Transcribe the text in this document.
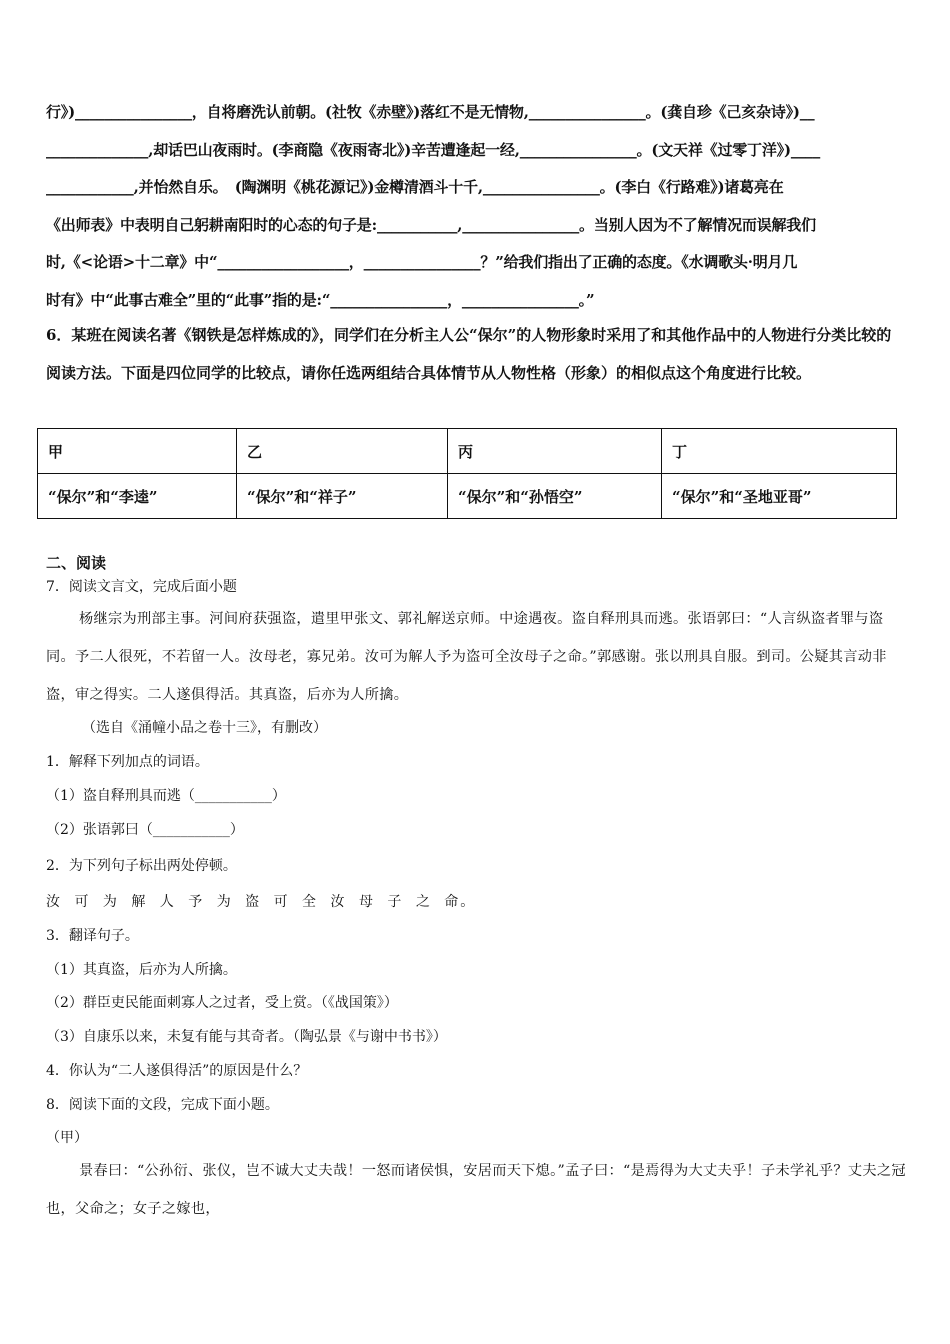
行》)________________，自将磨洗认前朝。(社牧《赤壁》)落红不是无情物,________________。(龚自珍《己亥杂诗》)__
______________,却话巴山夜雨时。(李商隐《夜雨寄北》)辛苦遭逢起一经,________________。(文天祥《过零丁洋》)____
____________,并怡然自乐。　(陶渊明《桃花源记》)金樽清酒斗十千,________________。(李白《行路难》)诸葛亮在
《出师表》中表明自己躬耕南阳时的心态的句子是:___________,________________。当别人因为不了解情况而误解我们
时,《<论语>十二章》中“__________________，________________？”给我们指出了正确的态度。《水调歌头·明月几
时有》中“此事古难全”里的“此事”指的是:“________________，________________。”
6．某班在阅读名著《钢铁是怎样炼成的》，同学们在分析主人公“保尔”的人物形象时采用了和其他作品中的人物进行分类比较的阅读方法。下面是四位同学的比较点，请你任选两组结合具体情节从人物性格（形象）的相似点这个角度进行比较。
甲	乙	丙	丁
“保尔”和“李逵”	“保尔”和“祥子”	“保尔”和“孙悟空”	“保尔”和“圣地亚哥”
二、阅读
7．阅读文言文，完成后面小题
杨继宗为刑部主事。河间府获强盗，遣里甲张文、郭礼解送京师。中途遇夜。盗自释刑具而逃。张语郭曰：“人言纵盗者罪与盗同。予二人很死，不若留一人。汝母老，寡兄弟。汝可为解人予为盗可全汝母子之命。”郭感谢。张以刑具自服。到司。公疑其言动非盗，审之得实。二人遂俱得活。其真盗，后亦为人所擒。
（选自《涌幢小品之卷十三》，有删改）
1．解释下列加点的词语。
（1）盗自释刑具而逃（___________）
（2）张语郭曰（___________）
2．为下列句子标出两处停顿。
汝 可 为 解 人 予 为 盗 可 全 汝 母 子 之 命。
3．翻译句子。
（1）其真盗，后亦为人所擒。
（2）群臣吏民能面刺寡人之过者，受上赏。（《战国策》）
（3）自康乐以来，未复有能与其奇者。（陶弘景《与谢中书书》）
4．你认为“二人遂俱得活”的原因是什么？
8．阅读下面的文段，完成下面小题。
（甲）
景春曰：“公孙衍、张仪，岂不诚大丈夫哉！一怒而诸侯惧，安居而天下熄。”孟子曰：“是焉得为大丈夫乎！子未学礼乎？丈夫之冠也，父命之；女子之嫁也，
